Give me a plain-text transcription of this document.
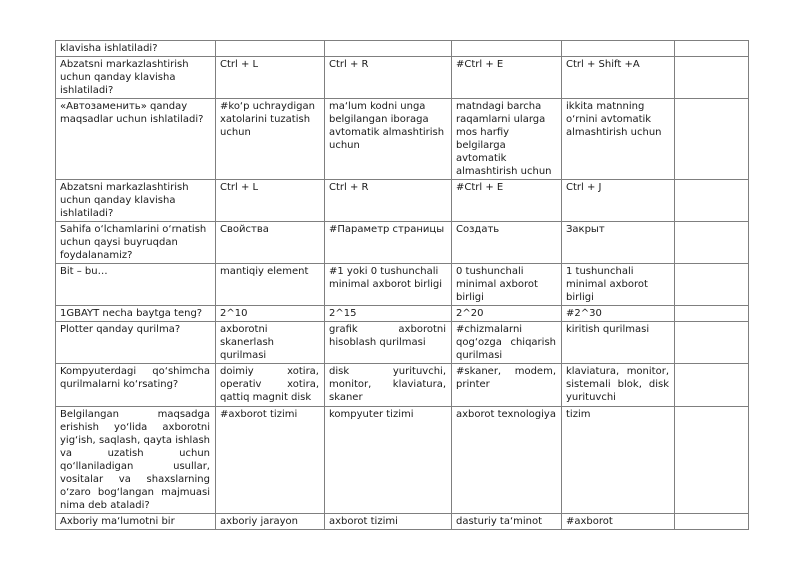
klavisha ishlatiladi?					
Abzatsni markazlashtirish uchun qanday klavisha ishlatiladi?	Ctrl + L	Ctrl + R	#Ctrl + E	Ctrl + Shift +A	
«Автозаменить» qanday maqsadlar uchun ishlatiladi?	#ko‘p uchraydigan xatolarini tuzatish uchun	ma‘lum kodni unga belgilangan iboraga avtomatik almashtirish uchun	matndagi barcha raqamlarni ularga mos harfiy belgilarga avtomatik almashtirish uchun	ikkita matnning o‘rnini avtomatik almashtirish uchun	
Abzatsni markazlashtirish uchun qanday klavisha ishlatiladi?	Ctrl + L	Ctrl + R	#Ctrl + E	Ctrl + J	
Sahifa o‘lchamlarini o‘rnatish uchun qaysi buyruqdan foydalanamiz?	Свойства	#Параметр страницы	Создать	Закрыт	
Bit – bu…	mantiqiy element	#1 yoki 0 tushunchali minimal axborot birligi	0 tushunchali minimal axborot birligi	1 tushunchali minimal axborot birligi	
1GBAYT necha baytga teng?	2^10	2^15	2^20	#2^30	
Plotter qanday qurilma?	axborotni skanerlash qurilmasi	grafik axborotni hisoblash qurilmasi	#chizmalarni qog‘ozga chiqarish qurilmasi	kiritish qurilmasi	
Kompyuterdagi qo‘shimcha qurilmalarni ko‘rsating?	doimiy xotira, operativ xotira, qattiq magnit disk	disk yurituvchi, monitor, klaviatura, skaner	#skaner, modem, printer	klaviatura, monitor, sistemali blok, disk yurituvchi	
Belgilangan maqsadga erishish yo‘lida axborotni yig‘ish, saqlash, qayta ishlash va uzatish uchun qo‘llaniladigan usullar, vositalar va shaxslarning o‘zaro bog‘langan majmuasi nima deb ataladi?	#axborot tizimi	kompyuter tizimi	axborot texnologiya	tizim	
Axboriy ma‘lumotni bir	axboriy jarayon	axborot tizimi	dasturiy ta‘minot	#axborot	
